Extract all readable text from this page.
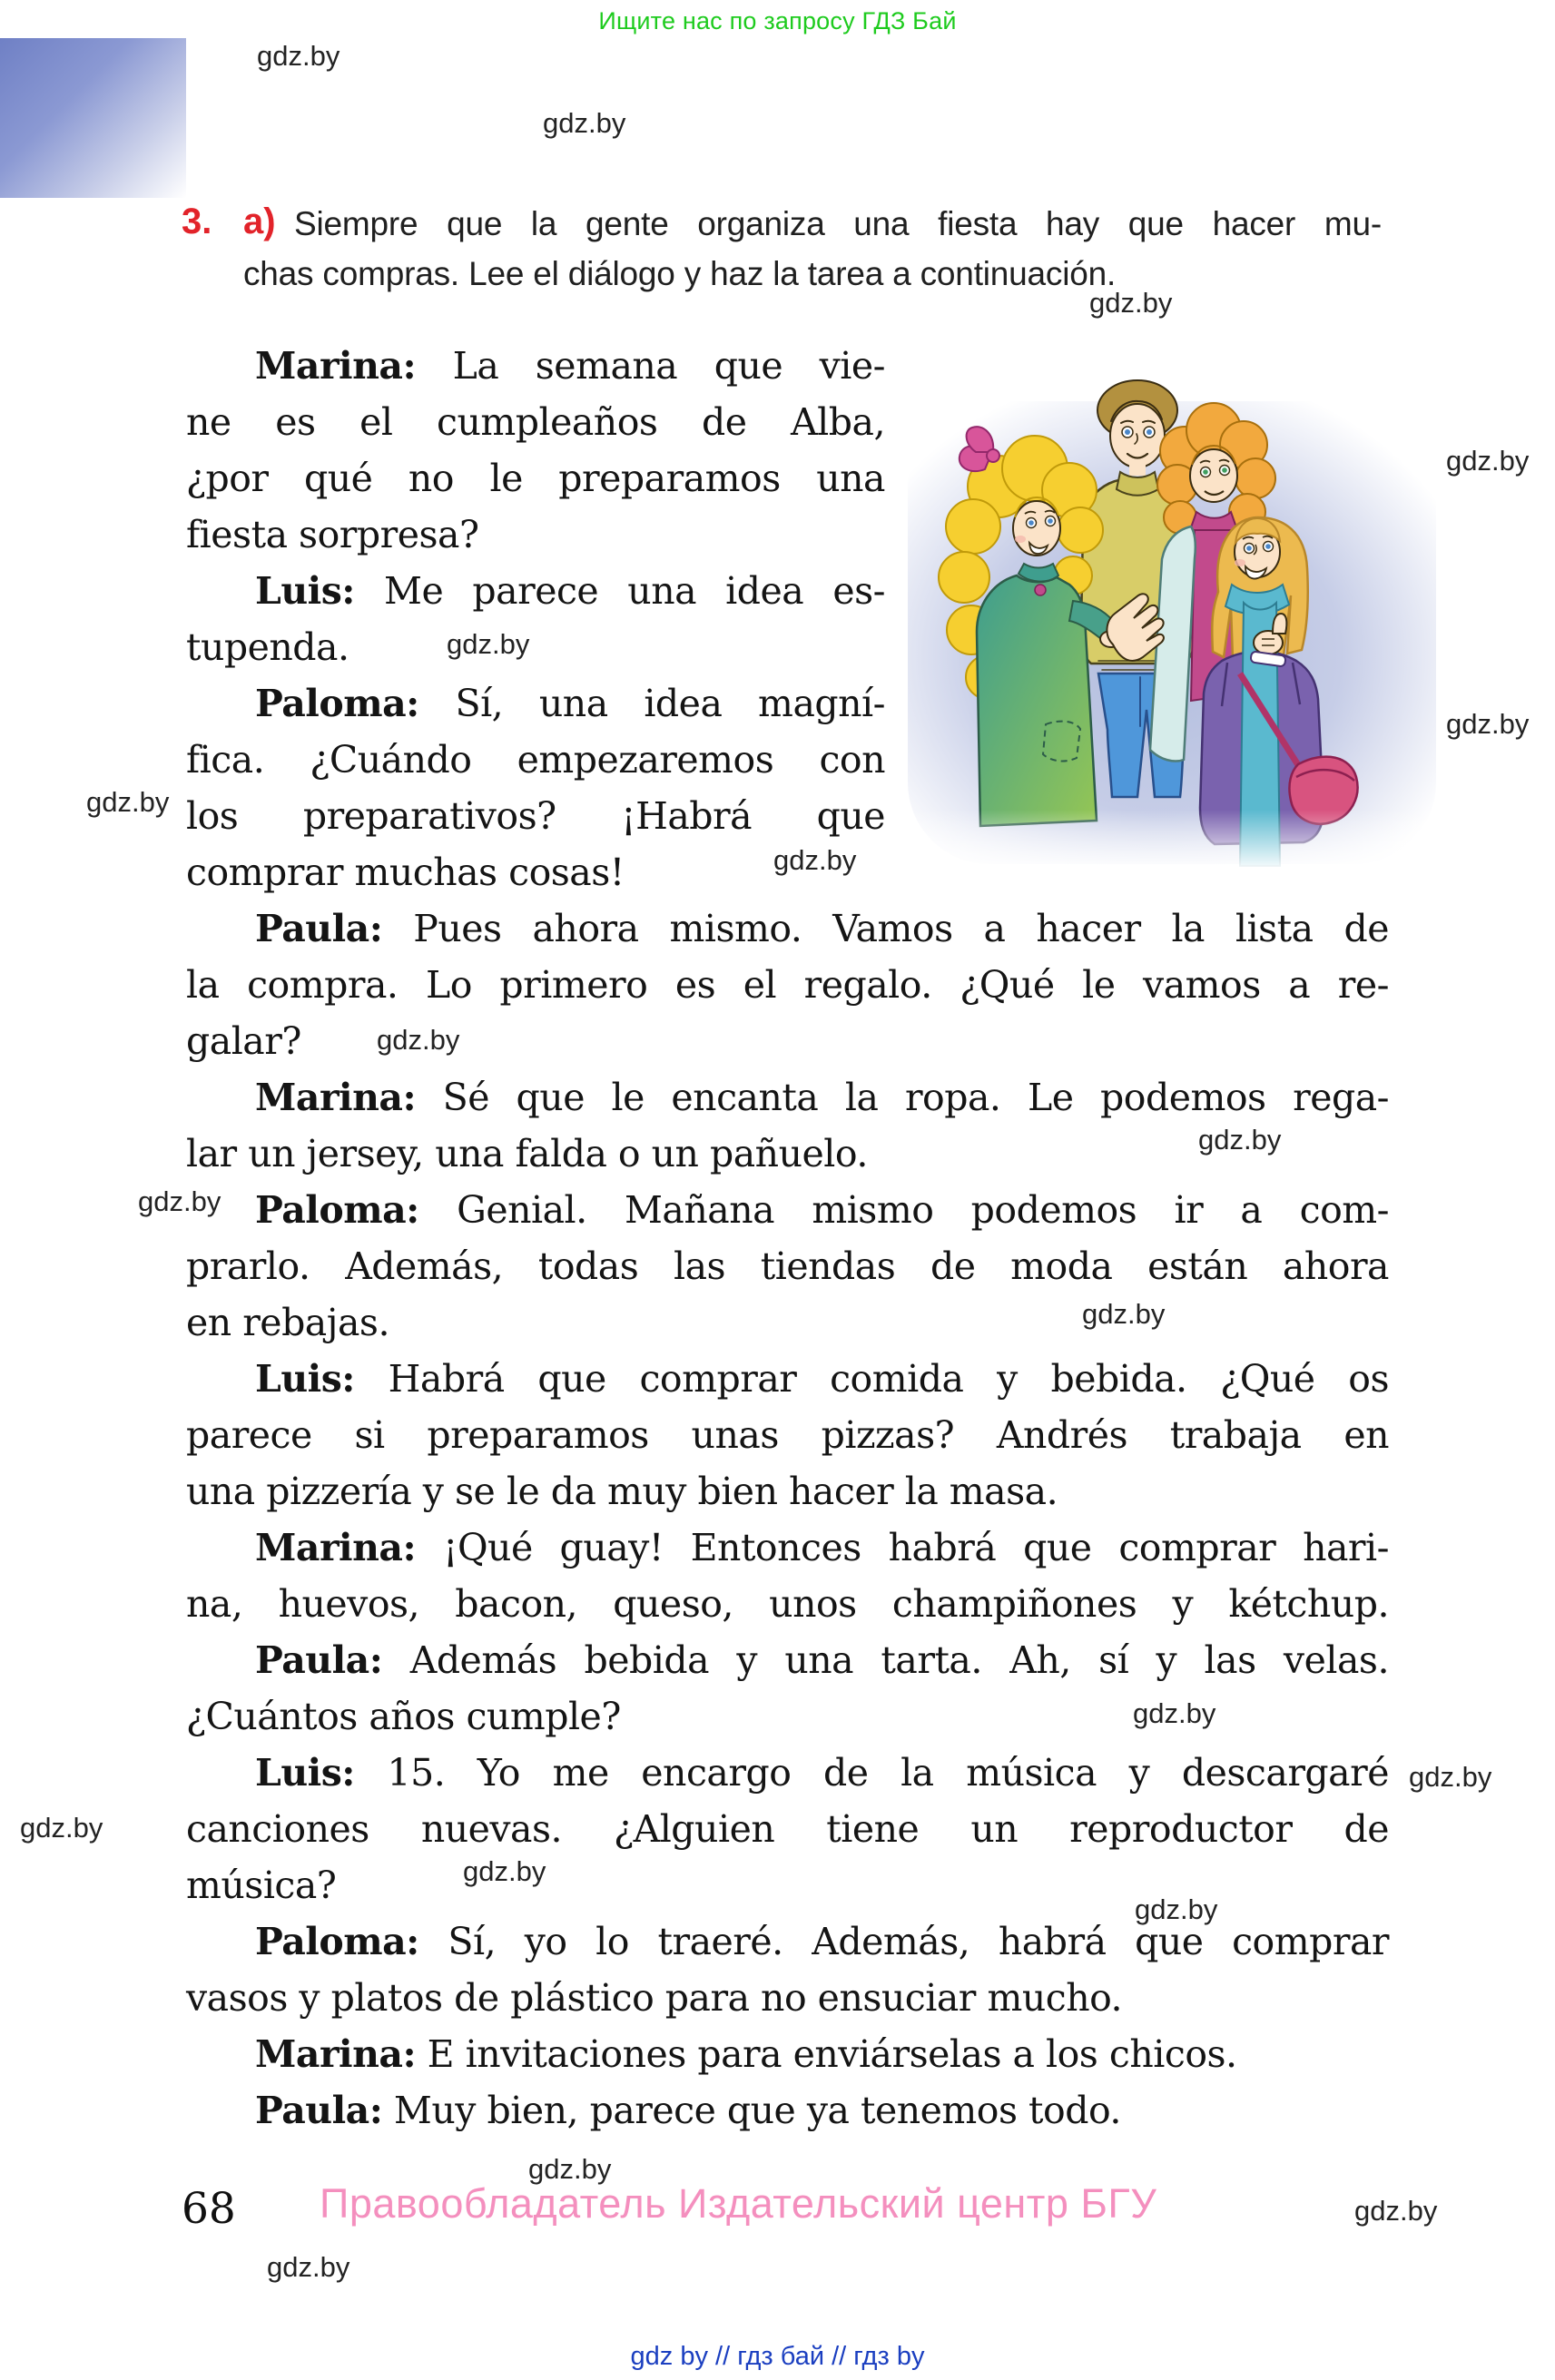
Ищите нас по запросу ГДЗ Бай
3. a) Siempre que la gente organiza una fiesta hay que hacer mu-
chas compras. Lee el diálogo y haz la tarea a continuación.
Marina: La semana que vie-
ne es el cumpleaños de Alba,
¿por qué no le preparamos una
fiesta sorpresa?
Luis: Me parece una idea es-
tupenda.
Paloma: Sí, una idea magní-
fica. ¿Cuándo empezaremos con
los preparativos? ¡Habrá que
comprar muchas cosas!
Paula: Pues ahora mismo. Vamos a hacer la lista de
la compra. Lo primero es el regalo. ¿Qué le vamos a re-
galar?
Marina: Sé que le encanta la ropa. Le podemos rega-
lar un jersey, una falda o un pañuelo.
Paloma: Genial. Mañana mismo podemos ir a com-
prarlo. Además, todas las tiendas de moda están ahora
en rebajas.
Luis: Habrá que comprar comida y bebida. ¿Qué os
parece si preparamos unas pizzas? Andrés trabaja en
una pizzería y se le da muy bien hacer la masa.
Marina: ¡Qué guay! Entonces habrá que comprar hari-
na, huevos, bacon, queso, unos champiñones y kétchup.
Paula: Además bebida y una tarta. Ah, sí y las velas.
¿Cuántos años cumple?
Luis: 15. Yo me encargo de la música y descargaré
canciones nuevas. ¿Alguien tiene un reproductor de
música?
Paloma: Sí, yo lo traeré. Además, habrá que comprar
vasos y platos de plástico para no ensuciar mucho.
Marina: E invitaciones para enviárselas a los chicos.
Paula: Muy bien, parece que ya tenemos todo.
gdz.by
gdz.by
gdz.by
gdz.by
gdz.by
gdz.by
gdz.by
gdz.by
gdz.by
gdz.by
gdz.by
gdz.by
gdz.by
gdz.by
gdz.by
gdz.by
gdz.by
gdz.by
gdz.by
gdz.by
68 Правообладатель Издательский центр БГУ
gdz by // гдз бай // гдз by
